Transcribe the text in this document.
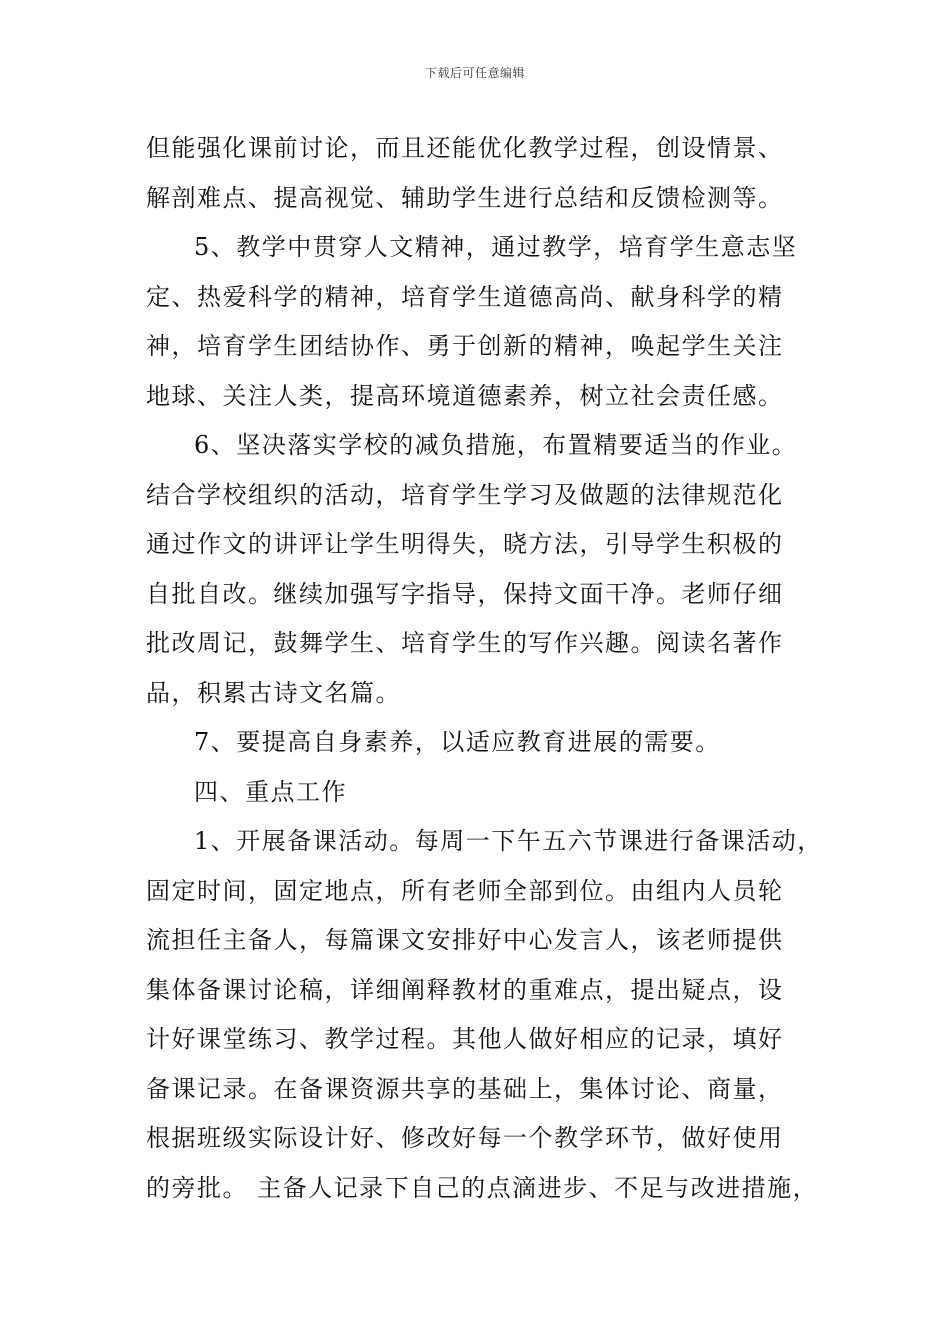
下载后可任意编辑
但能强化课前讨论，而且还能优化教学过程，创设情景、
解剖难点、提高视觉、辅助学生进行总结和反馈检测等。
5、教学中贯穿人文精神，通过教学，培育学生意志坚
定、热爱科学的精神，培育学生道德高尚、献身科学的精
神，培育学生团结协作、勇于创新的精神，唤起学生关注
地球、关注人类，提高环境道德素养，树立社会责任感。
6、坚决落实学校的减负措施，布置精要适当的作业。
结合学校组织的活动，培育学生学习及做题的法律规范化
通过作文的讲评让学生明得失，晓方法，引导学生积极的
自批自改。继续加强写字指导，保持文面干净。老师仔细
批改周记，鼓舞学生、培育学生的写作兴趣。阅读名著作
品，积累古诗文名篇。
7、要提高自身素养，以适应教育进展的需要。
四、重点工作
1、开展备课活动。每周一下午五六节课进行备课活动，
固定时间，固定地点，所有老师全部到位。由组内人员轮
流担任主备人，每篇课文安排好中心发言人，该老师提供
集体备课讨论稿，详细阐释教材的重难点，提出疑点，设
计好课堂练习、教学过程。其他人做好相应的记录，填好
备课记录。在备课资源共享的基础上，集体讨论、商量，
根据班级实际设计好、修改好每一个教学环节，做好使用
的旁批。 主备人记录下自己的点滴进步、不足与改进措施，
